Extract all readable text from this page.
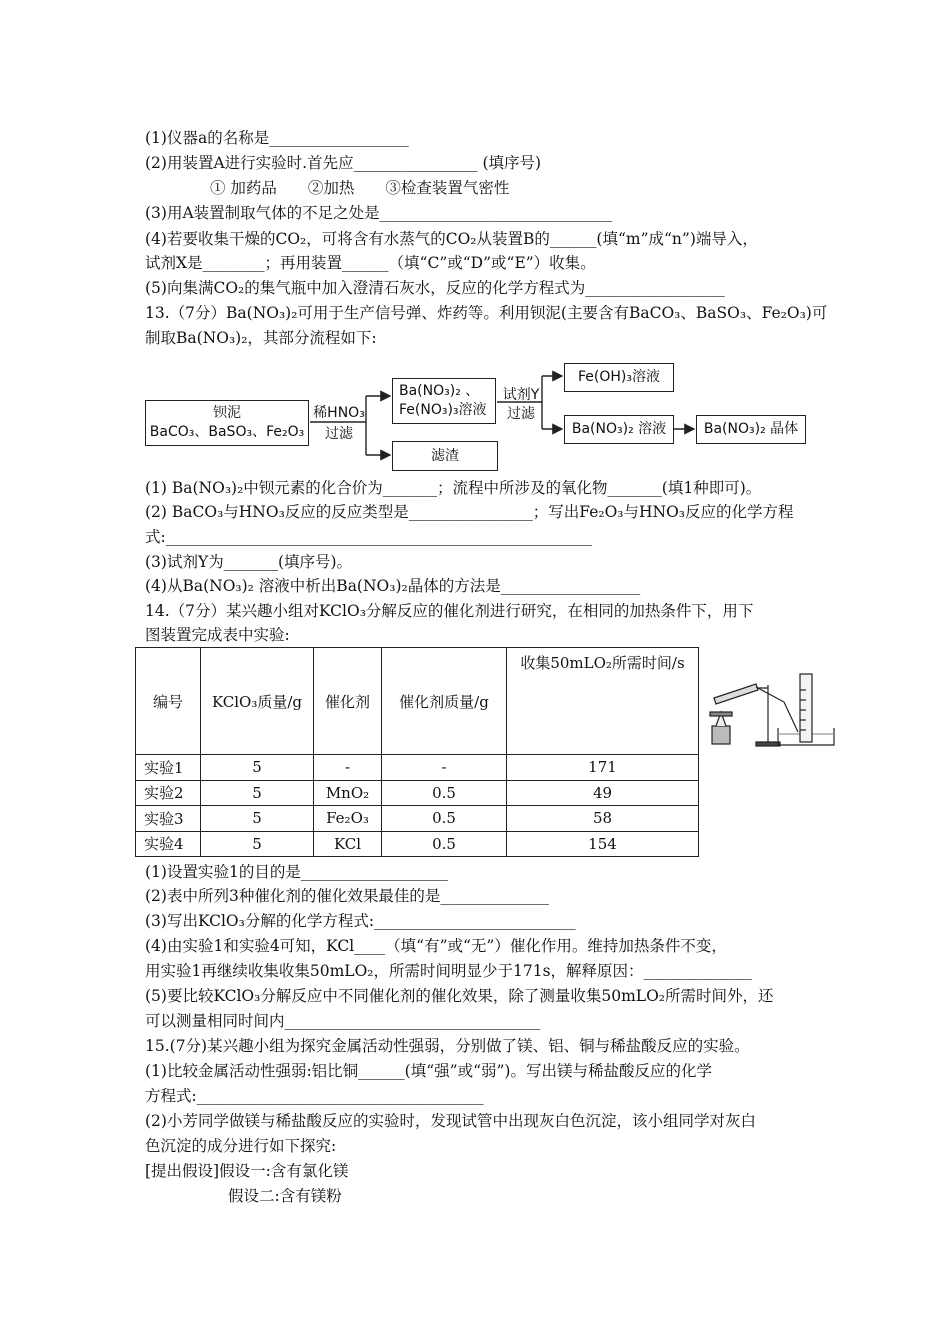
(1)仪器a的名称是__________________
(2)用装置A进行实验时.首先应________________ (填序号)
① 加药品　　②加热　　③检查装置气密性
(3)用A装置制取气体的不足之处是______________________________
(4)若要收集干燥的CO₂，可将含有水蒸气的CO₂从装置B的______(填“m”成“n”)端导入，
试剂X是________；再用装置______（填“C”或“D”或“E”）收集。
(5)向集满CO₂的集气瓶中加入澄清石灰水，反应的化学方程式为__________________
13.（7分）Ba(NO₃)₂可用于生产信号弹、炸药等。利用钡泥(主要含有BaCO₃、BaSO₃、Fe₂O₃)可
制取Ba(NO₃)₂，其部分流程如下:
钡泥
BaCO₃、BaSO₃、Fe₂O₃
稀HNO₃
过滤
Ba(NO₃)₂ 、
Fe(NO₃)₃溶液
滤渣
试剂Y
过滤
Fe(OH)₃溶液
Ba(NO₃)₂ 溶液	Ba(NO₃)₂ 晶体
(1) Ba(NO₃)₂中钡元素的化合价为_______；流程中所涉及的氧化物_______(填1种即可)。
(2) BaCO₃与HNO₃反应的反应类型是________________；写出Fe₂O₃与HNO₃反应的化学方程
式:_______________________________________________________
(3)试剂Y为_______(填序号)。
(4)从Ba(NO₃)₂ 溶液中析出Ba(NO₃)₂晶体的方法是__________________
14.（7分）某兴趣小组对KClO₃分解反应的催化剂进行研究，在相同的加热条件下，用下
图装置完成表中实验:
编号	KClO₃质量/g	催化剂	催化剂质量/g	收集50mLO₂所需时间/s
实验1	5	-	-	171
实验2	5	MnO₂	0.5	49
实验3	5	Fe₂O₃	0.5	58
实验4	5	KCl	0.5	154
(1)设置实验1的目的是___________________
(2)表中所列3种催化剂的催化效果最佳的是______________
(3)写出KClO₃分解的化学方程式:__________________________
(4)由实验1和实验4可知，KCl____（填“有”或“无”）催化作用。维持加热条件不变，
用实验1再继续收集收集50mLO₂，所需时间明显少于171s，解释原因：______________
(5)要比较KClO₃分解反应中不同催化剂的催化效果，除了测量收集50mLO₂所需时间外，还
可以测量相同时间内_________________________________
15.(7分)某兴趣小组为探究金属活动性强弱，分别做了镁、铝、铜与稀盐酸反应的实验。
(1)比较金属活动性强弱:铝比铜______(填“强”或“弱”)。写出镁与稀盐酸反应的化学
方程式:_____________________________________
(2)小芳同学做镁与稀盐酸反应的实验时，发现试管中出现灰白色沉淀，该小组同学对灰白
色沉淀的成分进行如下探究:
[提出假设]假设一:含有氯化镁
假设二:含有镁粉
